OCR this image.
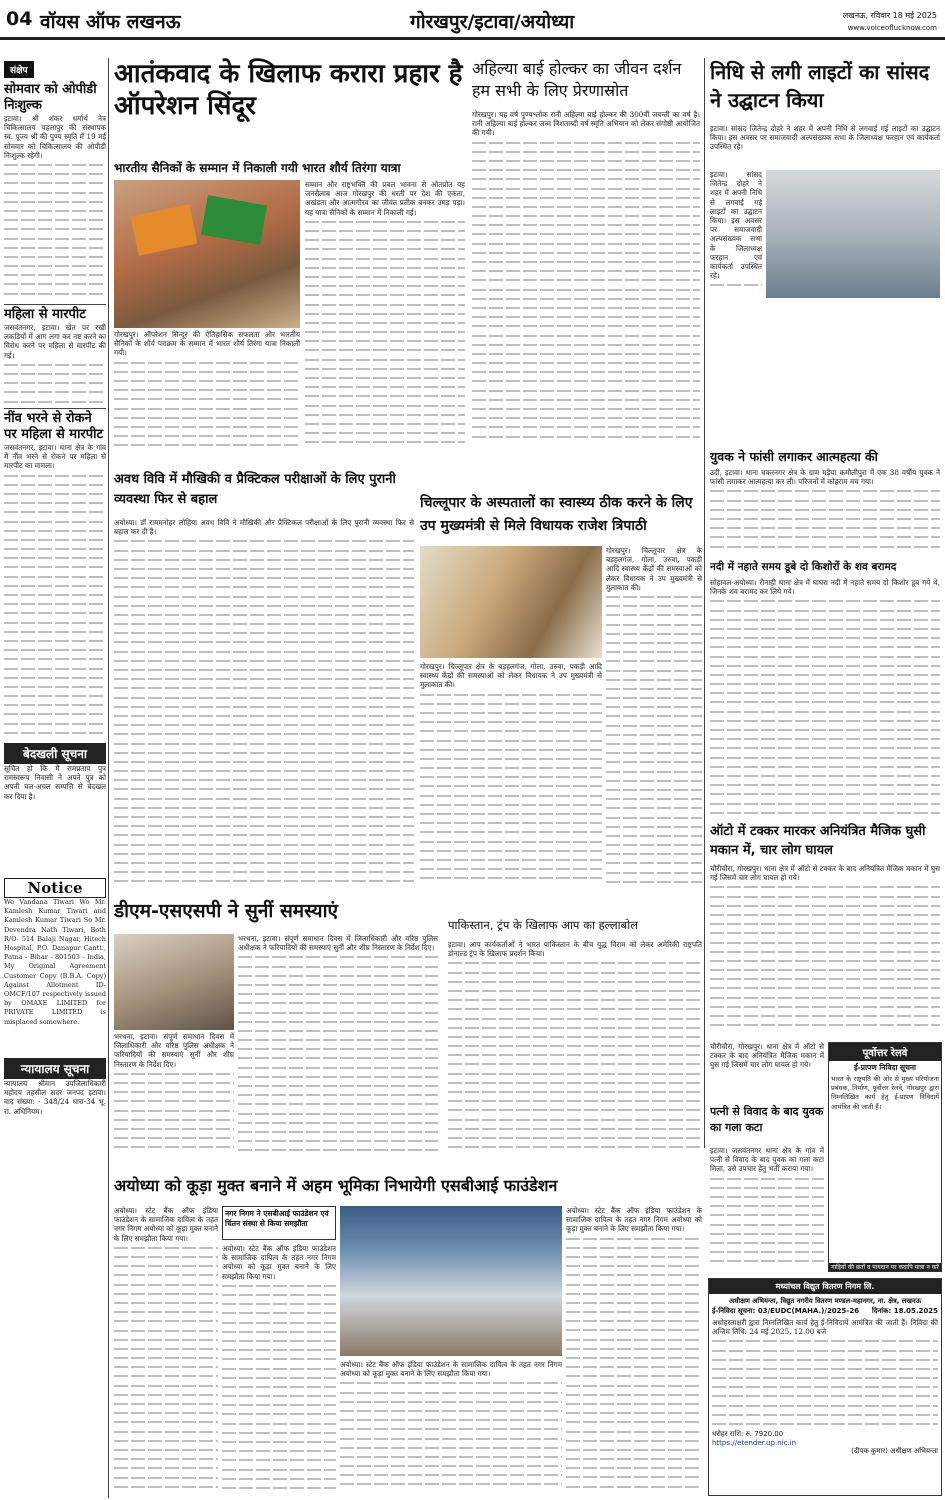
04 वॉयस ऑफ लखनऊ	गोरखपुर/इटावा/अयोध्या	लखनऊ, रविवार 18 मई 2025
www.voiceoflucknow.com
संक्षेप
सोमवार को ओपीडी निःशुल्क

इटावा। श्री शंकर धर्मार्थ नेत्र चिकित्सालय पहलापुर की संस्थापक स्व. पूज्य श्री की पुण्य स्मृति में 19 मई सोमवार को चिकित्सालय की ओपीडी निःशुल्क रहेगी।

महिला से मारपीट

जसवंतनगर, इटावा। खेत पर रखी लकड़ियों में आग लगा कर नष्ट करने का विरोध करने पर महिला से मारपीट की गई।

नींव भरने से रोकने पर महिला से मारपीट

जसवंतनगर, इटावा। थाना क्षेत्र के गांव में नींव भरने से रोकने पर महिला से मारपीट का मामला।

बेदखली सूचना
सूचित हो कि मैं रामप्रताप पुत्र रामस्वरूप निवासी ने अपने पुत्र को अपनी चल-अचल सम्पत्ति से बेदखल कर दिया है।
Notice
We Vandana Tiwari Wo Mr. Kamlesh Kumar Tiwari and Kamlesh Kumar Tiwari So Mr. Devendra Nath Tiwari, Both R/O- 514 Balaji Nagar, Hitech Hospital, P.O. Danapur Cantt., Patna - Bihar - 801503 - India, My Original Agreement Customer Copy (B.B.A. Copy) Against Allotment ID- OMCF/107 respectively issued by OMAXE LIMITED for PRIVATE LIMITED is misplaced somewhere.
न्यायालय सूचना
न्यायालय श्रीमान उपजिलाधिकारी महोदय तहसील सदर जनपद इटावा। वाद संख्या: - 348/24 धारा-34 भू. रा. अधिनियम।
आतंकवाद के खिलाफ करारा प्रहार है ऑपरेशन सिंदूर
भारतीय सैनिकों के सम्मान में निकाली गयी भारत शौर्य तिरंगा यात्रा

गोरखपुर। ऑपरेशन सिन्दूर की ऐतिहासिक सफलता और भारतीय सैनिकों के शौर्य पराक्रम के सम्मान में भारत शौर्य तिरंगा यात्रा निकाली गयी।

सम्मान और राष्ट्रभक्ति की प्रबल भावना से ओतप्रोत यह जनसैलाब आज गोरखपुर की धरती पर देश की एकता, अखंडता और आत्मगौरव का जीवंत प्रतीक बनकर उमड़ पड़ा। यह यात्रा सैनिकों के सम्मान में निकाली गई।

अहिल्या बाई होल्कर का जीवन दर्शन हम सभी के लिए प्रेरणास्रोत

गोरखपुर। यह वर्ष पुण्यश्लोक रानी अहिल्या बाई होल्कर की 300वीं जयन्ती का वर्ष है। रानी अहिल्या बाई होल्कर जन्म त्रिशताब्दी वर्ष स्मृति अभियान को लेकर संगोष्ठी आयोजित की गयी।

निधि से लगी लाइटों का सांसद ने उद्घाटन किया
इटावा। सांसद जितेन्द्र दोहरे ने शहर में अपनी निधि से लगवाई गई लाइटों का उद्घाटन किया। इस अवसर पर समाजवादी अल्पसंख्यक सभा के जिलाध्यक्ष फरहान एवं कार्यकर्ता उपस्थित रहे।

इटावा। सांसद जितेन्द्र दोहरे ने शहर में अपनी निधि से लगवाई गई लाइटों का उद्घाटन किया। इस अवसर पर समाजवादी अल्पसंख्यक सभा के जिलाध्यक्ष फरहान एवं कार्यकर्ता उपस्थित रहे।

युवक ने फांसी लगाकर आत्महत्या की

उदी, इटावा। थाना चकरनगर क्षेत्र के ग्राम मड़ैया कमौलीपुरा में एक 38 वर्षीय युवक ने फांसी लगाकर आत्महत्या कर ली। परिजनों में कोहराम मच गया।

नदी में नहाते समय डूबे दो किशोरों के शव बरामद

सोहावल-अयोध्या। रौनाही थाना क्षेत्र में घाघरा नदी में नहाते समय दो किशोर डूब गये थे, जिनके शव बरामद कर लिये गये।

ऑटो में टक्कर मारकर अनियंत्रित मैजिक घुसी मकान में, चार लोग घायल

चौरीचौरा, गोरखपुर। थाना क्षेत्र में ऑटो से टक्कर के बाद अनियंत्रित मैजिक मकान में घुस गई जिसमें चार लोग घायल हो गये।

पूर्वोत्तर रेलवे
ई-प्रापण निविदा सूचना
भारत के राष्ट्रपति की ओर से मुख्य परियोजना प्रबंधक, निर्माण, पूर्वोत्तर रेलवे, गोरखपुर द्वारा निम्नलिखित कार्य हेतु ई-प्रापण निविदायें आमंत्रित की जाती हैं।
गाड़ियों की छतों व पायदान पर कदापि यात्रा न करें
चौरीचौरा, गोरखपुर। थाना क्षेत्र में ऑटो से टक्कर के बाद अनियंत्रित मैजिक मकान में घुस गई जिसमें चार लोग घायल हो गये।
पत्नी से विवाद के बाद युवक का गला कटा

इटावा। जसवंतनगर थाना क्षेत्र के गांव में पत्नी से विवाद के बाद युवक का गला कटा मिला, उसे उपचार हेतु भर्ती कराया गया।

अवध विवि में मौखिकी व प्रैक्टिकल परीक्षाओं के लिए पुरानी व्यवस्था फिर से बहाल

अयोध्या। डॉ राममनोहर लोहिया अवध विवि ने मौखिकी और प्रैक्टिकल परीक्षाओं के लिए पुरानी व्यवस्था फिर से बहाल कर दी है।

चिल्लूपार के अस्पतालों का स्वास्थ्य ठीक करने के लिए उप मुख्यमंत्री से मिले विधायक राजेश त्रिपाठी

गोरखपुर। चिल्लूपार क्षेत्र के बड़हलगंज, गोला, उरुवा, पकड़ी आदि स्वास्थ्य केंद्रों की समस्याओं को लेकर विधायक ने उप मुख्यमंत्री से मुलाकात की।

गोरखपुर। चिल्लूपार क्षेत्र के बड़हलगंज, गोला, उरुवा, पकड़ी आदि स्वास्थ्य केंद्रों की समस्याओं को लेकर विधायक ने उप मुख्यमंत्री से मुलाकात की।

डीएम-एसएसपी ने सुनीं समस्याएं

भरथना, इटावा। संपूर्ण समाधान दिवस में जिलाधिकारी और वरिष्ठ पुलिस अधीक्षक ने फरियादियों की समस्याएं सुनीं और शीघ्र निस्तारण के निर्देश दिए।

भरथना, इटावा। संपूर्ण समाधान दिवस में जिलाधिकारी और वरिष्ठ पुलिस अधीक्षक ने फरियादियों की समस्याएं सुनीं और शीघ्र निस्तारण के निर्देश दिए।

पाकिस्तान, ट्रंप के खिलाफ आप का हल्लाबोल

इटावा। आप कार्यकर्ताओं ने भारत पाकिस्तान के बीच युद्ध विराम को लेकर अमेरिकी राष्ट्रपति डोनाल्ड ट्रंप के खिलाफ प्रदर्शन किया।

अयोध्या को कूड़ा मुक्त बनाने में अहम भूमिका निभायेगी एसबीआई फाउंडेशन
नगर निगम ने एसबीआई फाउंडेशन एवं चिंतन संस्था से किया समझौता

अयोध्या। स्टेट बैंक ऑफ इंडिया फाउंडेशन के सामाजिक दायित्व के तहत नगर निगम अयोध्या को कूड़ा मुक्त बनाने के लिए समझौता किया गया।

अयोध्या। स्टेट बैंक ऑफ इंडिया फाउंडेशन के सामाजिक दायित्व के तहत नगर निगम अयोध्या को कूड़ा मुक्त बनाने के लिए समझौता किया गया।

अयोध्या। स्टेट बैंक ऑफ इंडिया फाउंडेशन के सामाजिक दायित्व के तहत नगर निगम अयोध्या को कूड़ा मुक्त बनाने के लिए समझौता किया गया।

अयोध्या। स्टेट बैंक ऑफ इंडिया फाउंडेशन के सामाजिक दायित्व के तहत नगर निगम अयोध्या को कूड़ा मुक्त बनाने के लिए समझौता किया गया।

मध्यांचल विद्युत वितरण निगम लि.
अधीक्षण अभियन्ता, विद्युत नगरीय वितरण मण्डल-महानगर, ना. क्षेत्र, लखनऊ
ई-निविदा सूचना: 03/EUDC(MAHA.)/2025-26 दिनांक: 18.05.2025

अधोहस्ताक्षरी द्वारा निम्नलिखित कार्य हेतु ई-निविदायें आमंत्रित की जाती हैं। निविदा की अन्तिम तिथि: 24 मई 2025, 12.00 बजे

धरोहर राशि: रु. 7920.00
https://etender.up.nic.in
(दीपक कुमार) अधीक्षण अभियन्ता
